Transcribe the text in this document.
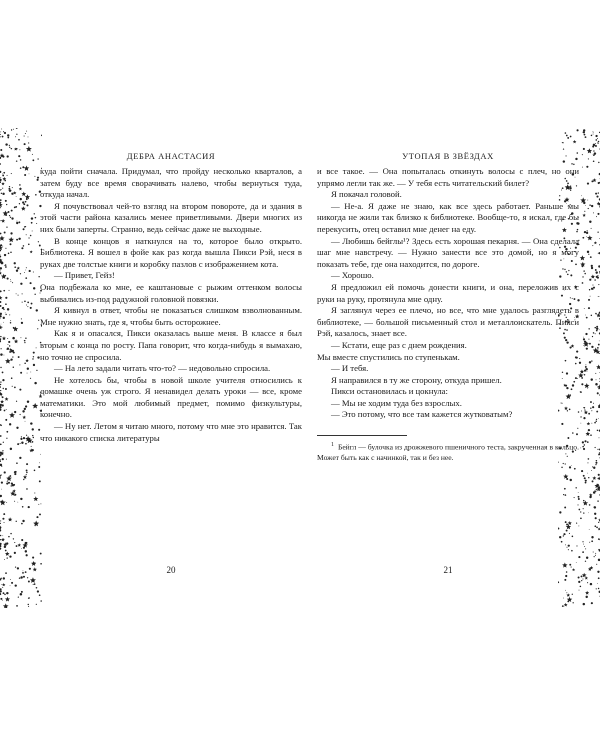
ДЕБРА АНАСТАСИЯ

куда пойти сначала. Придумал, что пройду несколько кварталов, а затем буду все время сворачивать налево, чтобы вернуться туда, откуда начал.

Я почувствовал чей-то взгляд на втором повороте, да и здания в этой части района казались менее приветливыми. Двери многих из них были заперты. Странно, ведь сейчас даже не выходные.

В конце концов я наткнулся на то, которое было открыто. Библиотека. Я вошел в фойе как раз когда вышла Пикси Рэй, неся в руках две толстые книги и коробку пазлов с изображением кота.

— Привет, Гейз!

Она подбежала ко мне, ее каштановые с рыжим оттенком волосы выбивались из-под радужной головной повязки.

Я кивнул в ответ, чтобы не показаться слишком взволнованным. Мне нужно знать, где я, чтобы быть осторожнее.

Как я и опасался, Пикси оказалась выше меня. В классе я был вторым с конца по росту. Папа говорит, что когда-нибудь я вымахаю, но точно не спросила.

— На лето задали читать что-то? — недовольно спросила.

Не хотелось бы, чтобы в новой школе учителя относились к домашке очень уж строго. Я ненавидел делать уроки — все, кроме математики. Это мой любимый предмет, помимо физкультуры, конечно.

— Ну нет. Летом я читаю много, потому что мне это нравится. Так что никакого списка литературы

УТОПАЯ В ЗВЁЗДАХ

и все такое. — Она попыталась откинуть волосы с плеч, но они упрямо легли так же. — У тебя есть читательский билет?

Я покачал головой.

— Не-а. Я даже не знаю, как все здесь работает. Раньше мы никогда не жили так близко к библиотеке. Вообще-то, я искал, где бы перекусить, отец оставил мне денег на еду.

— Любишь бейглы¹? Здесь есть хорошая пекарня. — Она сделала шаг мне навстречу. — Нужно занести все это домой, но я могу показать тебе, где она находится, по дороге.

— Хорошо.

Я предложил ей помочь донести книги, и она, переложив их с руки на руку, протянула мне одну.

Я заглянул через ее плечо, но все, что мне удалось разглядеть в библиотеке, — большой письменный стол и металлоискатель. Пикси Рэй, казалось, знает все.

— Кстати, еще раз с днем рождения.

Мы вместе спустились по ступенькам.

— И тебя.

Я направился в ту же сторону, откуда пришел.

Пикси остановилась и цокнула:

— Мы не ходим туда без взрослых.

— Это потому, что все там кажется жутковатым?

$^1$ Бейгл — булочка из дрожжевого пшеничного теста, закрученная в кольцо. Может быть как с начинкой, так и без нее.

20	21
